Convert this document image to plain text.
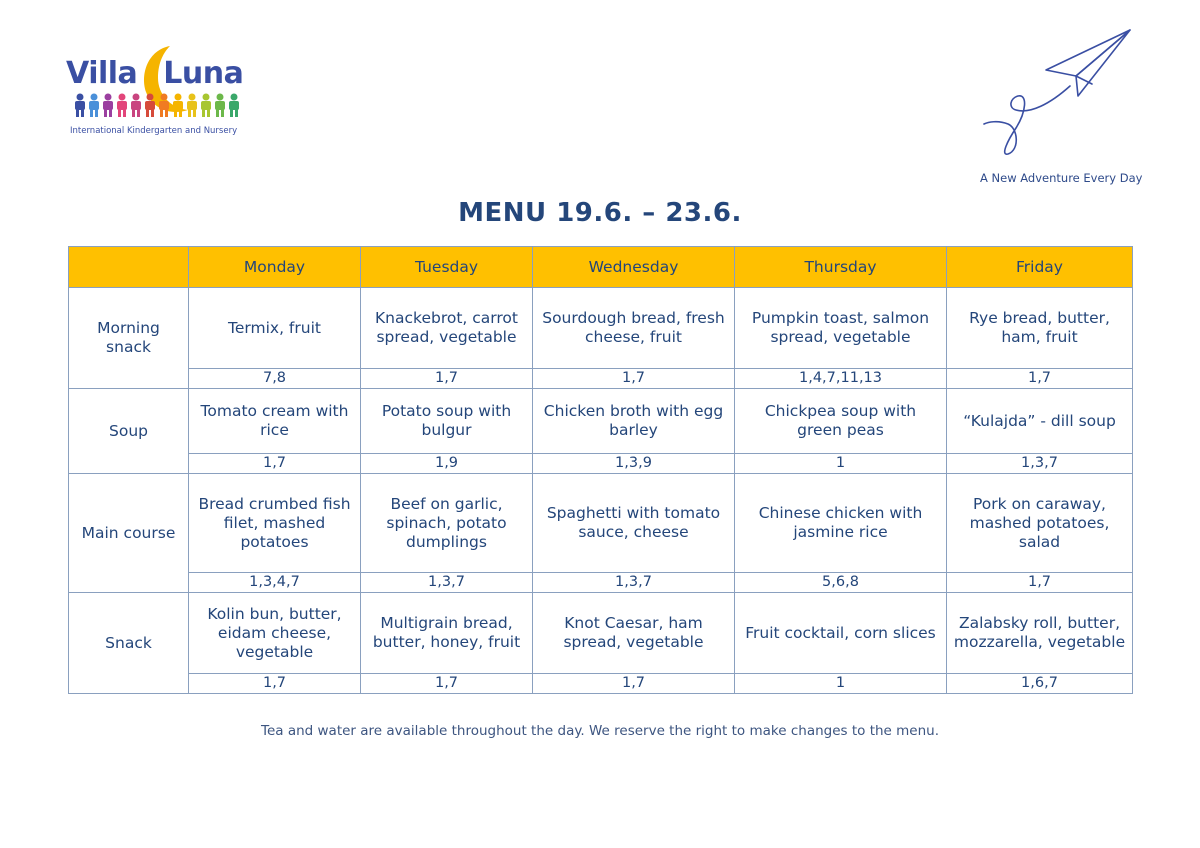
Villa Luna
International Kindergarten and Nursery
A New Adventure Every Day
MENU 19.6. – 23.6.
	Monday	Tuesday	Wednesday	Thursday	Friday
Morning snack	Termix, fruit	Knackebrot, carrot spread, vegetable	Sourdough bread, fresh cheese, fruit	Pumpkin toast, salmon spread, vegetable	Rye bread, butter, ham, fruit
	7,8	1,7	1,7	1,4,7,11,13	1,7
Soup	Tomato cream with rice	Potato soup with bulgur	Chicken broth with egg barley	Chickpea soup with green peas	“Kulajda” - dill soup
	1,7	1,9	1,3,9	1	1,3,7
Main course	Bread crumbed fish filet, mashed potatoes	Beef on garlic, spinach, potato dumplings	Spaghetti with tomato sauce, cheese	Chinese chicken with jasmine rice	Pork on caraway, mashed potatoes, salad
	1,3,4,7	1,3,7	1,3,7	5,6,8	1,7
Snack	Kolin bun, butter, eidam cheese, vegetable	Multigrain bread, butter, honey, fruit	Knot Caesar, ham spread, vegetable	Fruit cocktail, corn slices	Zalabsky roll, butter, mozzarella, vegetable
	1,7	1,7	1,7	1	1,6,7
Tea and water are available throughout the day. We reserve the right to make changes to the menu.
